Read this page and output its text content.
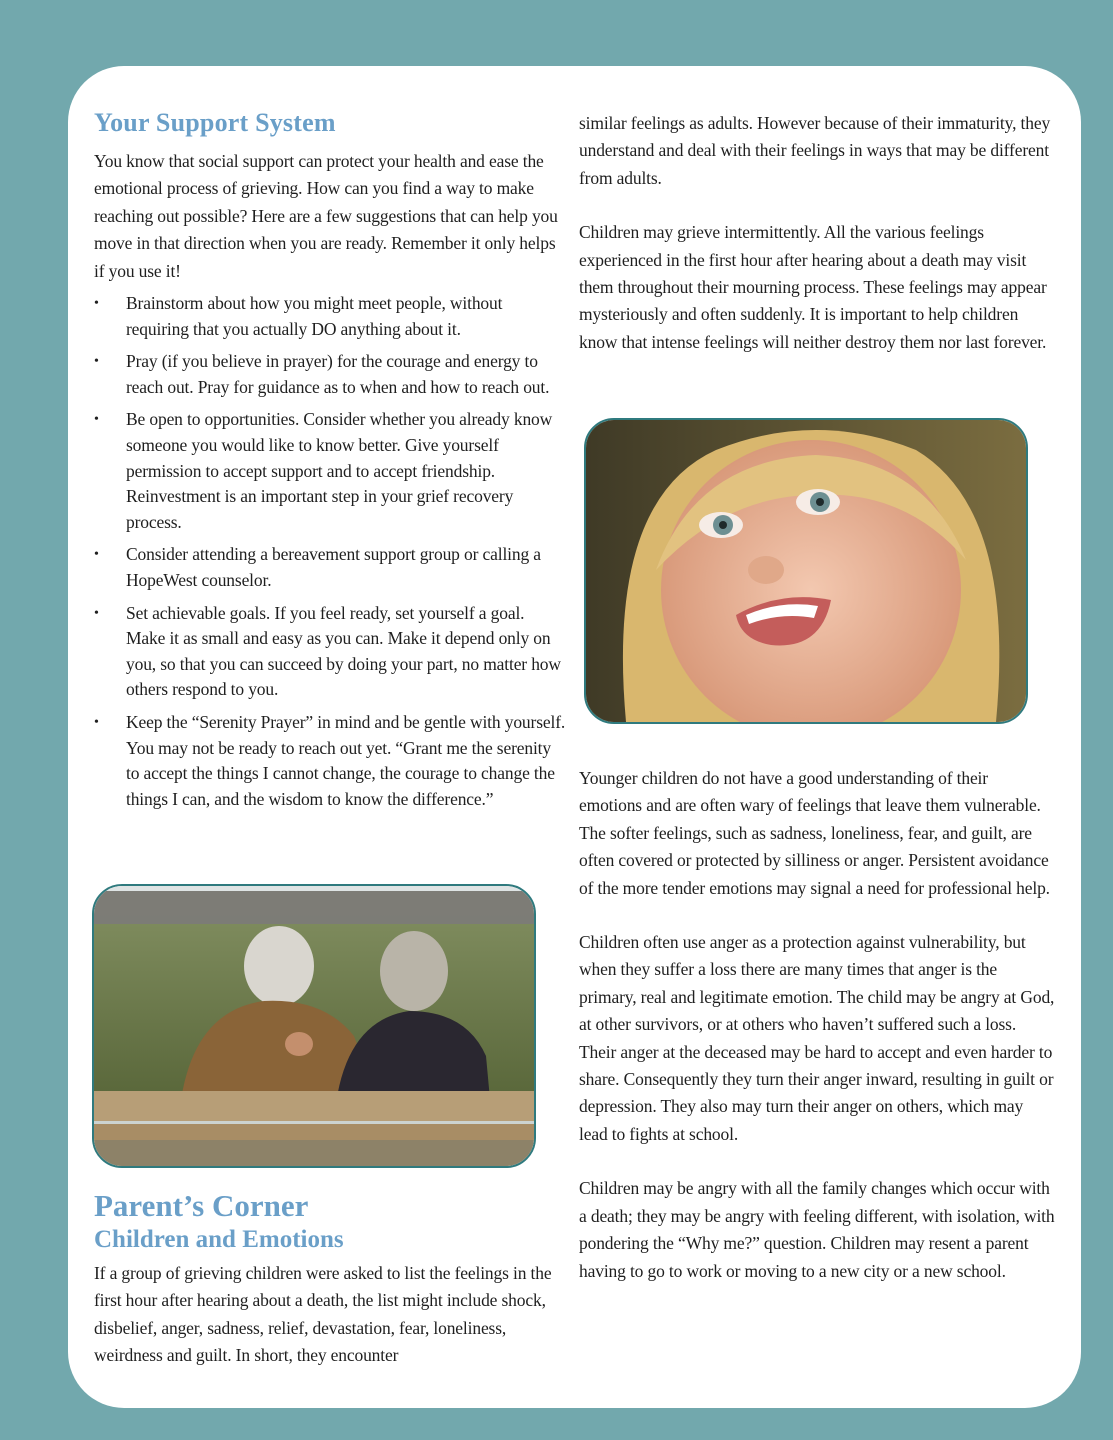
Your Support System

You know that social support can protect your health and ease the emotional process of grieving. How can you find a way to make reaching out possible? Here are a few suggestions that can help you move in that direction when you are ready. Remember it only helps if you use it!

• Brainstorm about how you might meet people, without requiring that you actually DO anything about it.
• Pray (if you believe in prayer) for the courage and energy to reach out. Pray for guidance as to when and how to reach out.
• Be open to opportunities. Consider whether you already know someone you would like to know better. Give yourself permission to accept support and to accept friendship. Reinvestment is an important step in your grief recovery process.
• Consider attending a bereavement support group or calling a HopeWest counselor.
• Set achievable goals. If you feel ready, set yourself a goal. Make it as small and easy as you can. Make it depend only on you, so that you can succeed by doing your part, no matter how others respond to you.
• Keep the “Serenity Prayer” in mind and be gentle with yourself. You may not be ready to reach out yet. “Grant me the serenity to accept the things I cannot change, the courage to change the things I can, and the wisdom to know the difference.”
Parent’s Corner
Children and Emotions

If a group of grieving children were asked to list the feelings in the first hour after hearing about a death, the list might include shock, disbelief, anger, sadness, relief, devastation, fear, loneliness, weirdness and guilt. In short, they encounter

similar feelings as adults. However because of their immaturity, they understand and deal with their feelings in ways that may be different from adults.

Children may grieve intermittently. All the various feelings experienced in the first hour after hearing about a death may visit them throughout their mourning process. These feelings may appear mysteriously and often suddenly. It is important to help children know that intense feelings will neither destroy them nor last forever.

Younger children do not have a good understanding of their emotions and are often wary of feelings that leave them vulnerable. The softer feelings, such as sadness, loneliness, fear, and guilt, are often covered or protected by silliness or anger. Persistent avoidance of the more tender emotions may signal a need for professional help.

Children often use anger as a protection against vulnerability, but when they suffer a loss there are many times that anger is the primary, real and legitimate emotion. The child may be angry at God, at other survivors, or at others who haven’t suffered such a loss. Their anger at the deceased may be hard to accept and even harder to share. Consequently they turn their anger inward, resulting in guilt or depression. They also may turn their anger on others, which may lead to fights at school.

Children may be angry with all the family changes which occur with a death; they may be angry with feeling different, with isolation, with pondering the “Why me?” question. Children may resent a parent having to go to work or moving to a new city or a new school.
